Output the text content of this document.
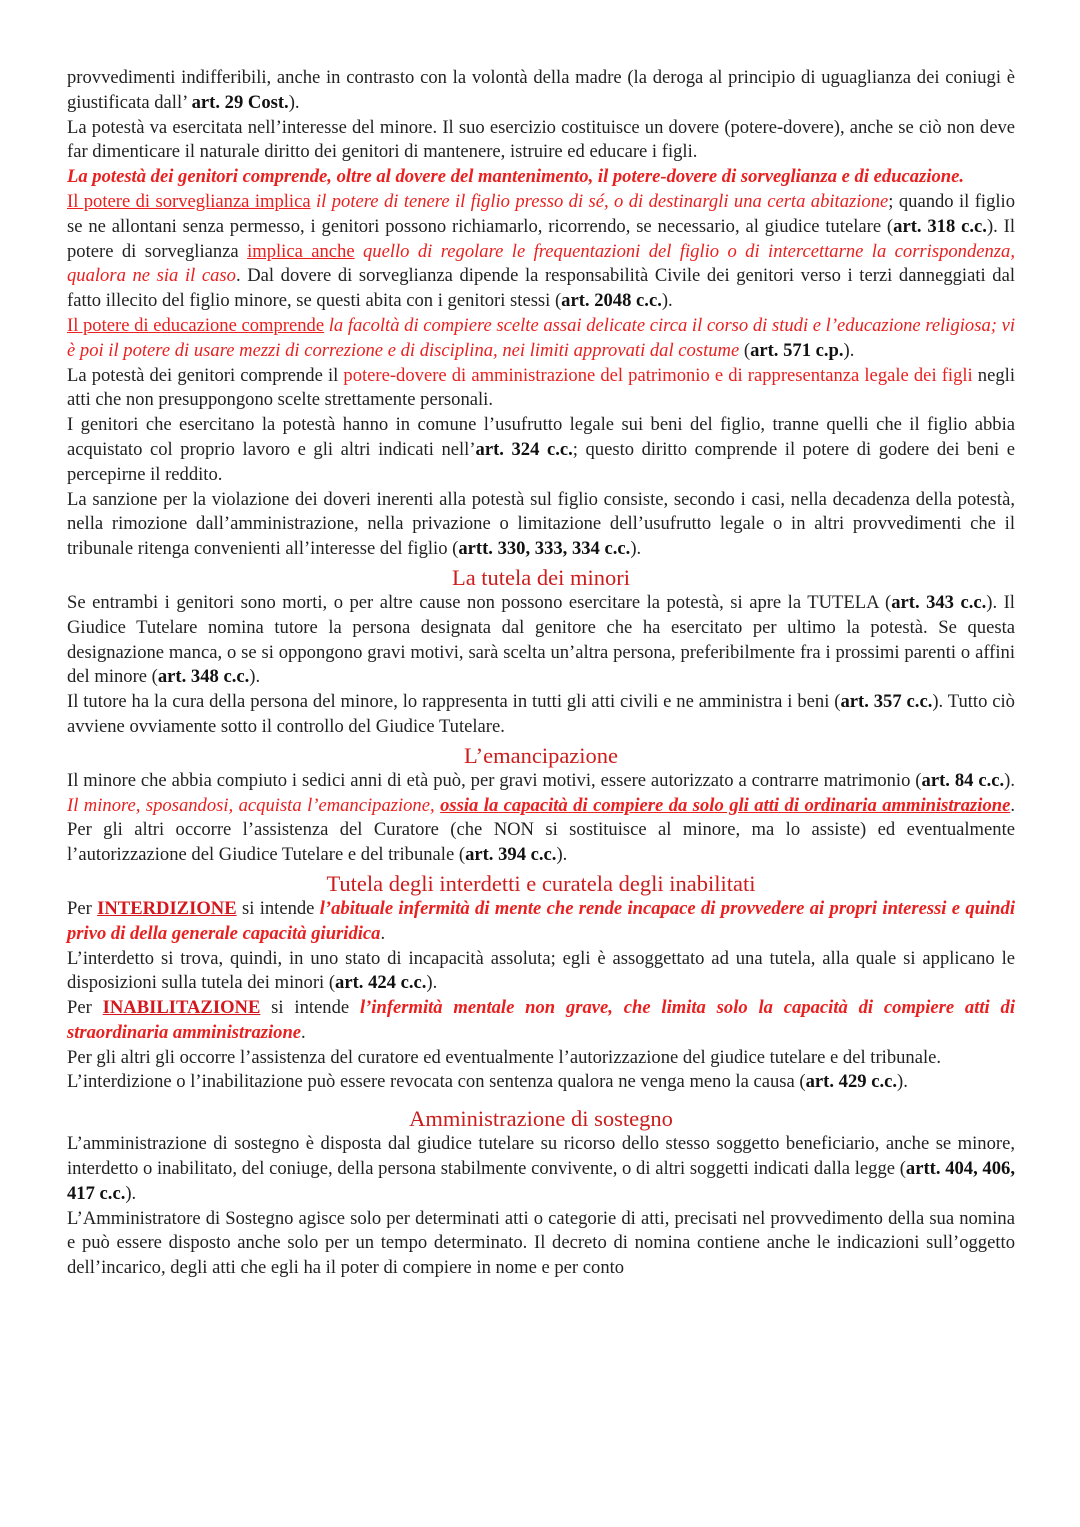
provvedimenti indifferibili, anche in contrasto con la volontà della madre (la deroga al principio di uguaglianza dei coniugi è giustificata dall’ art. 29 Cost.).

La potestà va esercitata nell’interesse del minore. Il suo esercizio costituisce un dovere (potere-dovere), anche se ciò non deve far dimenticare il naturale diritto dei genitori di mantenere, istruire ed educare i figli.

La potestà dei genitori comprende, oltre al dovere del mantenimento, il potere-dovere di sorveglianza e di educazione.

Il potere di sorveglianza implica il potere di tenere il figlio presso di sé, o di destinargli una certa abitazione; quando il figlio se ne allontani senza permesso, i genitori possono richiamarlo, ricorrendo, se necessario, al giudice tutelare (art. 318 c.c.). Il potere di sorveglianza implica anche quello di regolare le frequentazioni del figlio o di intercettarne la corrispondenza, qualora ne sia il caso. Dal dovere di sorveglianza dipende la responsabilità Civile dei genitori verso i terzi danneggiati dal fatto illecito del figlio minore, se questi abita con i genitori stessi (art. 2048 c.c.).

Il potere di educazione comprende la facoltà di compiere scelte assai delicate circa il corso di studi e l’educazione religiosa; vi è poi il potere di usare mezzi di correzione e di disciplina, nei limiti approvati dal costume (art. 571 c.p.).

La potestà dei genitori comprende il potere-dovere di amministrazione del patrimonio e di rappresentanza legale dei figli negli atti che non presuppongono scelte strettamente personali.

I genitori che esercitano la potestà hanno in comune l’usufrutto legale sui beni del figlio, tranne quelli che il figlio abbia acquistato col proprio lavoro e gli altri indicati nell’art. 324 c.c.; questo diritto comprende il potere di godere dei beni e percepirne il reddito.

La sanzione per la violazione dei doveri inerenti alla potestà sul figlio consiste, secondo i casi, nella decadenza della potestà, nella rimozione dall’amministrazione, nella privazione o limitazione dell’usufrutto legale o in altri provvedimenti che il tribunale ritenga convenienti all’interesse del figlio (artt. 330, 333, 334 c.c.).

La tutela dei minori

Se entrambi i genitori sono morti, o per altre cause non possono esercitare la potestà, si apre la TUTELA (art. 343 c.c.). Il Giudice Tutelare nomina tutore la persona designata dal genitore che ha esercitato per ultimo la potestà. Se questa designazione manca, o se si oppongono gravi motivi, sarà scelta un’altra persona, preferibilmente fra i prossimi parenti o affini del minore (art. 348 c.c.).

Il tutore ha la cura della persona del minore, lo rappresenta in tutti gli atti civili e ne amministra i beni (art. 357 c.c.). Tutto ciò avviene ovviamente sotto il controllo del Giudice Tutelare.

L’emancipazione

Il minore che abbia compiuto i sedici anni di età può, per gravi motivi, essere autorizzato a contrarre matrimonio (art. 84 c.c.). Il minore, sposandosi, acquista l’emancipazione, ossia la capacità di compiere da solo gli atti di ordinaria amministrazione. Per gli altri occorre l’assistenza del Curatore (che NON si sostituisce al minore, ma lo assiste) ed eventualmente l’autorizzazione del Giudice Tutelare e del tribunale (art. 394 c.c.).

Tutela degli interdetti e curatela degli inabilitati

Per INTERDIZIONE si intende l’abituale infermità di mente che rende incapace di provvedere ai propri interessi e quindi privo di della generale capacità giuridica.

L’interdetto si trova, quindi, in uno stato di incapacità assoluta; egli è assoggettato ad una tutela, alla quale si applicano le disposizioni sulla tutela dei minori (art. 424 c.c.).

Per INABILITAZIONE si intende l’infermità mentale non grave, che limita solo la capacità di compiere atti di straordinaria amministrazione.

Per gli altri gli occorre l’assistenza del curatore ed eventualmente l’autorizzazione del giudice tutelare e del tribunale.

L’interdizione o l’inabilitazione può essere revocata con sentenza qualora ne venga meno la causa (art. 429 c.c.).

Amministrazione di sostegno

L’amministrazione di sostegno è disposta dal giudice tutelare su ricorso dello stesso soggetto beneficiario, anche se minore, interdetto o inabilitato, del coniuge, della persona stabilmente convivente, o di altri soggetti indicati dalla legge (artt. 404, 406, 417 c.c.).

L’Amministratore di Sostegno agisce solo per determinati atti o categorie di atti, precisati nel provvedimento della sua nomina e può essere disposto anche solo per un tempo determinato. Il decreto di nomina contiene anche le indicazioni sull’oggetto dell’incarico, degli atti che egli ha il poter di compiere in nome e per conto
